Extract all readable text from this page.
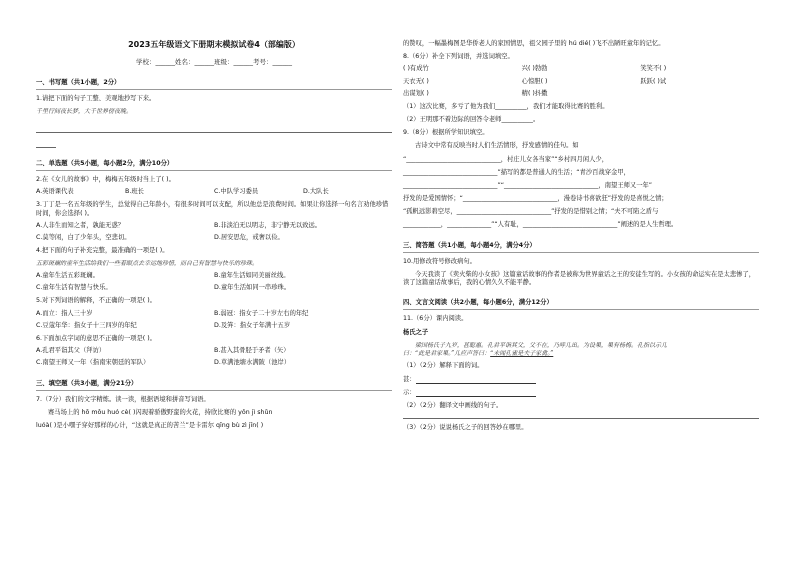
2023五年级语文下册期末模拟试卷4（部编版）
学校：______姓名：______班级：______考号：______
一、书写题（共1小题，2分）
1.请把下面的句子工整、美观地抄写下来。
千里行间夜长梦，大千世界傍夜晚。
二、单选题（共5小题，每小题2分，满分10分）
2.在《女儿的故事》中，梅梅五年级时当上了( )。
A.英语课代表	B.班长	C.中队学习委员	D.大队长
3.丁丁是一名五年级的学生，总觉得自己年龄小，有很多时间可以支配，所以他总是浪费时间。如果让你选择一句名言劝他珍惜时间，你会选择( )。
A.人非生而知之者，孰能无惑？	B.非淡泊无以明志，非宁静无以致远。
C.莫等闲，白了少年头，空悲切。	D.居安思危，戒奢以俭。
4.把下面的句子补充完整，最准确的一项是( )。
五彩斑斓的童年生活给我们一些着眼点去幸运地珍惜，而自己有智慧与快乐的珍珠。
A.童年生活五彩斑斓。	B.童年生活如同美丽丝线。
C.童年生活有智慧与快乐。	D.童年生活如同一串珍珠。
5.对下列词语的解释，不正确的一项是( )。
A.而立：指人三十岁	B.弱冠：指女子二十岁左右的年纪
C.豆蔻年华：指女子十三四岁的年纪	D.及笄：指女子年满十五岁
6.下面加点字词的意思不正确的一项是( )。
A.孔君平诣其父（拜访）	B.甚入其骨胫于矛者（矢）
C.南望王师又一年（指南宋朝廷的军队）	D.草满池塘水满陂（池岸）
三、填空题（共3小题，满分21分）
7.（7分）我们的文字精炼。读一读，根据语境和拼音写词语。
赛马场上的 hō mǒu huó cè( )闪现着骄傲野蛮的火花，持欣比赛的 yǒn jì shǔn
luóà( )是小嘿子穿好那样的心计，“这就是真正的苦兰”是卡雷尔 qīng bù zì jīn( )
的赞叹，一幅墨梅图是华侨老人的家国情思，祖父园子里的 hú dié( )飞不出陋旺童年的记忆。
8.（6分）补全下列词语，并选词填空。
( )有成竹	兴( )勃勃	笑笑不( )
天衣无( )	心惊胆( )	跃跃( )试
出谋划( )	精( )抖擞
（1）这次比赛，多亏了他为我们__________，我们才能取得比赛的胜利。
（2）王明那不着边际的回答令老师__________。
9.（8分）根据所学知识填空。
古诗文中常有反映当时人们生活情形，抒发感情的佳句。如
“______________________________，村庄儿女各当家”“乡村四月闲人少，
______________________________”描写的都是普通人的生活；“青沙百战穿金甲，
______________________________”“______________________________，南望王师又一年”
抒发的是爱国情怀；“______________________________，漫卷诗书喜欲狂”抒发的是喜悦之情；
“孤帆远影碧空尽，______________________________”抒发的是惜别之情；“夫不可陷之盾与
____________，______________”“人有耻，______________________________”阐述的是人生哲理。
三、简答题（共1小题，每小题4分，满分4分）
10.用修改符号修改病句。
今天我读了《卖火柴的小女孩》这篇童话故事的作者是被称为世界童话之王的安徒生写的。小女孩的命运实在是太悲惨了，读了这篇童话故事后，我的心情久久不能平静。
四、文言文阅读（共2小题，每小题6分，满分12分）
11.（6分）课内阅读。
杨氏之子
梁国杨氏子九岁，甚聪惠。孔君平诣其父，父不在，乃呼儿出。为设果，果有杨梅。孔指以示儿
曰：“此是君家果。”儿应声答曰：“未闻孔雀是夫子家禽。”
（1）（2分）解释下面的词。
甚：
示：
（2）（2分）翻译文中画线的句子。
（3）（2分）说说杨氏之子的回答妙在哪里。
